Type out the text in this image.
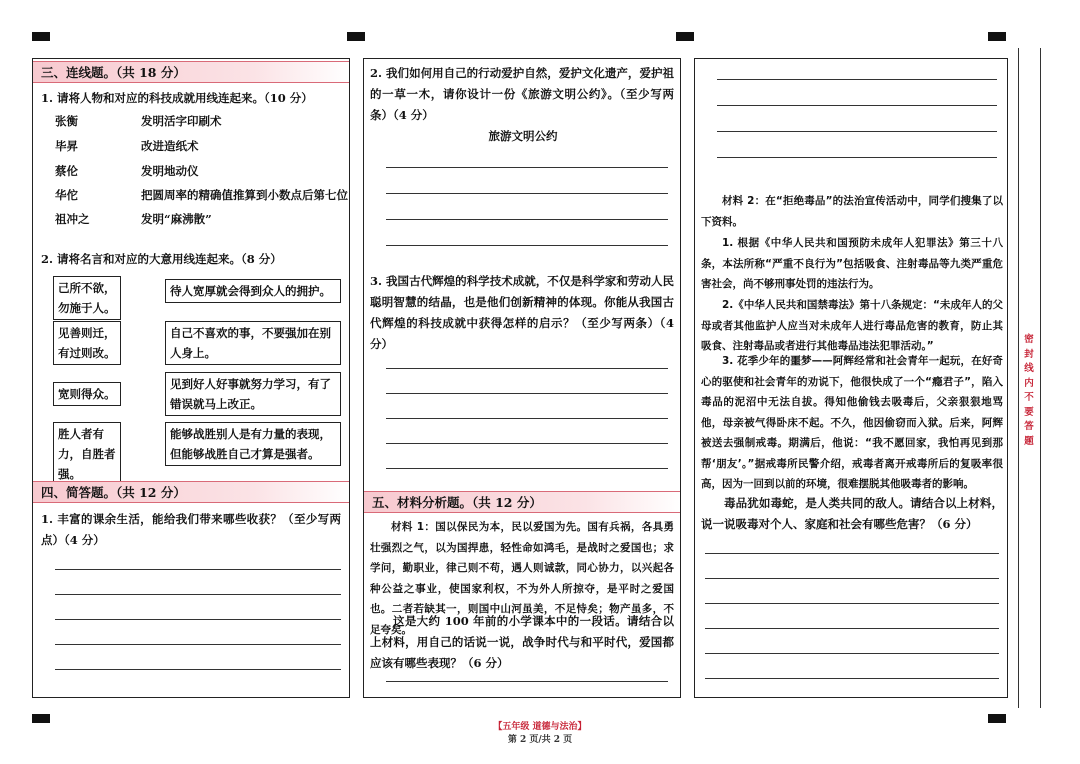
三、连线题。（共 18 分）
1. 请将人物和对应的科技成就用线连起来。（10 分）
张衡	发明活字印刷术
毕昇	改进造纸术
蔡伦	发明地动仪
华佗	把圆周率的精确值推算到小数点后第七位
祖冲之	发明“麻沸散”
2. 请将名言和对应的大意用线连起来。（8 分）
己所不欲，勿施于人。
待人宽厚就会得到众人的拥护。
见善则迁，有过则改。
自己不喜欢的事，不要强加在别人身上。
宽则得众。
见到好人好事就努力学习，有了错误就马上改正。
胜人者有力，自胜者强。
能够战胜别人是有力量的表现，但能够战胜自己才算是强者。
四、简答题。（共 12 分）
1. 丰富的课余生活，能给我们带来哪些收获？（至少写两点）（4 分）
2. 我们如何用自己的行动爱护自然，爱护文化遗产，爱护祖的一草一木，请你设计一份《旅游文明公约》。（至少写两条）（4 分）
旅游文明公约
3. 我国古代辉煌的科学技术成就，不仅是科学家和劳动人民聪明智慧的结晶，也是他们创新精神的体现。你能从我国古代辉煌的科技成就中获得怎样的启示？（至少写两条）（4 分）
五、材料分析题。（共 12 分）
材料 1：国以保民为本，民以爱国为先。国有兵祸，各具勇壮强烈之气，以为国捍患，轻性命如鸿毛，是战时之爱国也；求学问，勤职业，律己则不苟，遇人则诚款，同心协力，以兴起各种公益之事业，使国家利权，不为外人所掠夺，是平时之爱国也。二者若缺其一，则国中山河虽美，不足恃矣；物产虽多，不足夸矣。
这是大约 100 年前的小学课本中的一段话。请结合以上材料，用自己的话说一说，战争时代与和平时代，爱国都应该有哪些表现？（6 分）
材料 2：在“拒绝毒品”的法治宣传活动中，同学们搜集了以下资料。
1. 根据《中华人民共和国预防未成年人犯罪法》第三十八条，本法所称“严重不良行为”包括吸食、注射毒品等九类严重危害社会，尚不够刑事处罚的违法行为。
2.《中华人民共和国禁毒法》第十八条规定：“未成年人的父母或者其他监护人应当对未成年人进行毒品危害的教育，防止其吸食、注射毒品或者进行其他毒品违法犯罪活动。”
3. 花季少年的噩梦——阿辉经常和社会青年一起玩，在好奇心的驱使和社会青年的劝说下，他很快成了一个“瘾君子”，陷入毒品的泥沼中无法自拔。得知他偷钱去吸毒后，父亲狠狠地骂他，母亲被气得卧床不起。不久，他因偷窃而入狱。后来，阿辉被送去强制戒毒。期满后，他说：“我不愿回家，我怕再见到那帮‘朋友’。”据戒毒所民警介绍，戒毒者离开戒毒所后的复吸率很高，因为一回到以前的环境，很难摆脱其他吸毒者的影响。
毒品犹如毒蛇，是人类共同的敌人。请结合以上材料，说一说吸毒对个人、家庭和社会有哪些危害？（6 分）
密封线内不要答题
【五年级 道德与法治】
第 2 页/共 2 页
